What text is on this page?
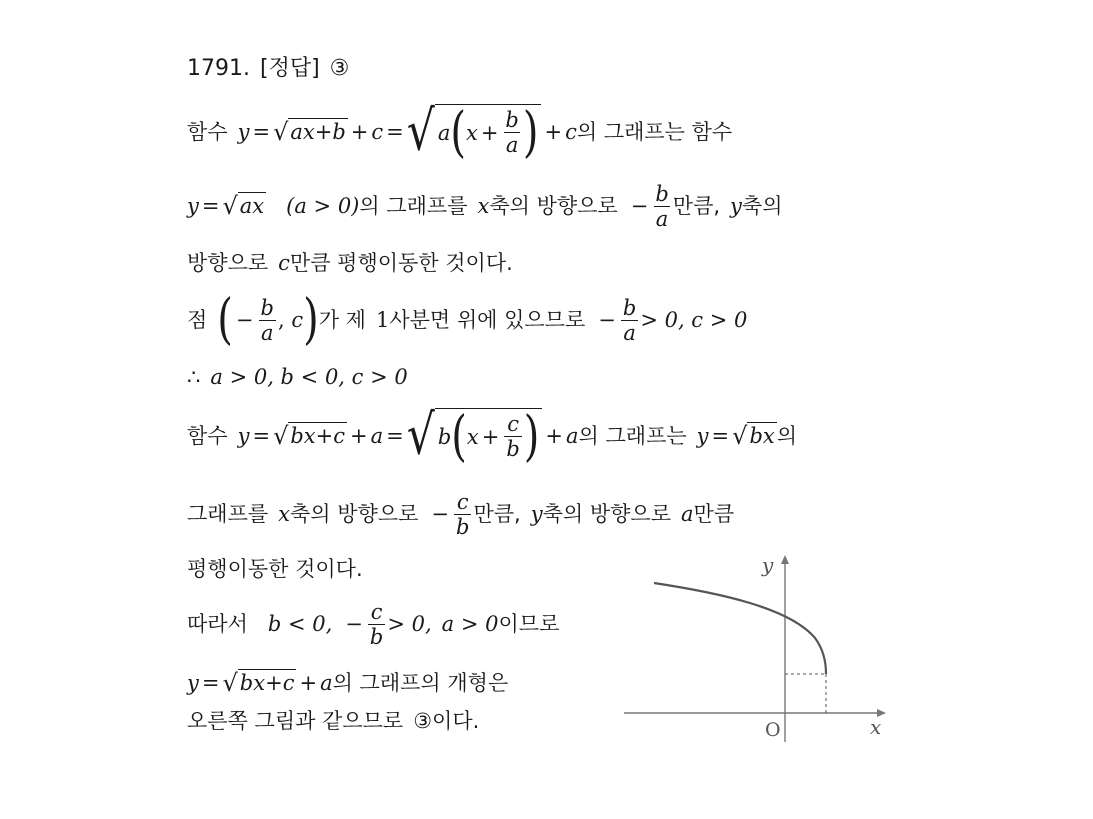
1791. [정답] ③
함수 y = √ ax+b + c = √ a ( $x + \frac{b}{a}$ ) + c 의 그래프는 함수
y = √ ax (a > 0) 의 그래프를 x 축의 방향으로 − $\frac{b}{a}$ 만큼, y 축의
방향으로 c 만큼 평행이동한 것이다.
점 ( − $\frac{b}{a}$ , c ) 가 제 1 사분면 위에 있으므로 − $\frac{b}{a} > 0$, c > 0
∴ a > 0, b < 0, c > 0
함수 y = √ bx+c + a = √ b ( $x + \frac{c}{b}$ ) + a 의 그래프는 y = √ bx 의
그래프를 x 축의 방향으로 − $\frac{c}{b}$ 만큼, y 축의 방향으로 a 만큼
평행이동한 것이다.
따라서 b < 0, − $\frac{c}{b} > 0$, a > 0 이므로
y = √ bx+c + a 의 그래프의 개형은
오른쪽 그림과 같으므로 ③ 이다.
y
x
O
